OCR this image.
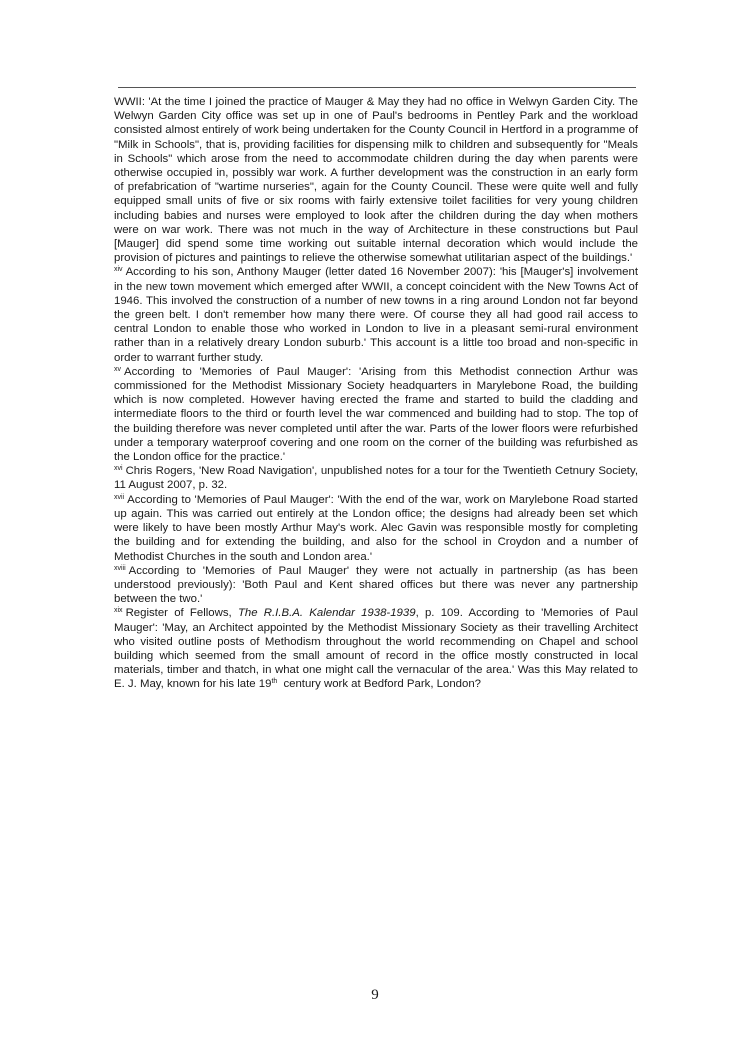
WWII: 'At the time I joined the practice of Mauger & May they had no office in Welwyn Garden City. The Welwyn Garden City office was set up in one of Paul's bedrooms in Pentley Park and the workload consisted almost entirely of work being undertaken for the County Council in Hertford in a programme of "Milk in Schools", that is, providing facilities for dispensing milk to children and subsequently for "Meals in Schools" which arose from the need to accommodate children during the day when parents were otherwise occupied in, possibly war work. A further development was the construction in an early form of prefabrication of "wartime nurseries", again for the County Council. These were quite well and fully equipped small units of five or six rooms with fairly extensive toilet facilities for very young children including babies and nurses were employed to look after the children during the day when mothers were on war work. There was not much in the way of Architecture in these constructions but Paul [Mauger] did spend some time working out suitable internal decoration which would include the provision of pictures and paintings to relieve the otherwise somewhat utilitarian aspect of the buildings.'

$^{xiv}$ According to his son, Anthony Mauger (letter dated 16 November 2007): 'his [Mauger's] involvement in the new town movement which emerged after WWII, a concept coincident with the New Towns Act of 1946. This involved the construction of a number of new towns in a ring around London not far beyond the green belt. I don't remember how many there were. Of course they all had good rail access to central London to enable those who worked in London to live in a pleasant semi-rural environment rather than in a relatively dreary London suburb.' This account is a little too broad and non-specific in order to warrant further study.

$^{xv}$ According to 'Memories of Paul Mauger': 'Arising from this Methodist connection Arthur was commissioned for the Methodist Missionary Society headquarters in Marylebone Road, the building which is now completed. However having erected the frame and started to build the cladding and intermediate floors to the third or fourth level the war commenced and building had to stop. The top of the building therefore was never completed until after the war. Parts of the lower floors were refurbished under a temporary waterproof covering and one room on the corner of the building was refurbished as the London office for the practice.'

$^{xvi}$ Chris Rogers, 'New Road Navigation', unpublished notes for a tour for the Twentieth Cetnury Society, 11 August 2007, p. 32.

$^{xvii}$ According to 'Memories of Paul Mauger': 'With the end of the war, work on Marylebone Road started up again. This was carried out entirely at the London office; the designs had already been set which were likely to have been mostly Arthur May's work. Alec Gavin was responsible mostly for completing the building and for extending the building, and also for the school in Croydon and a number of Methodist Churches in the south and London area.'

$^{xviii}$ According to 'Memories of Paul Mauger' they were not actually in partnership (as has been understood previously): 'Both Paul and Kent shared offices but there was never any partnership between the two.'

$^{xix}$ Register of Fellows, The R.I.B.A. Kalendar 1938-1939, p. 109. According to 'Memories of Paul Mauger': 'May, an Architect appointed by the Methodist Missionary Society as their travelling Architect who visited outline posts of Methodism throughout the world recommending on Chapel and school building which seemed from the small amount of record in the office mostly constructed in local materials, timber and thatch, in what one might call the vernacular of the area.' Was this May related to E. J. May, known for his late 19th century work at Bedford Park, London?

9
